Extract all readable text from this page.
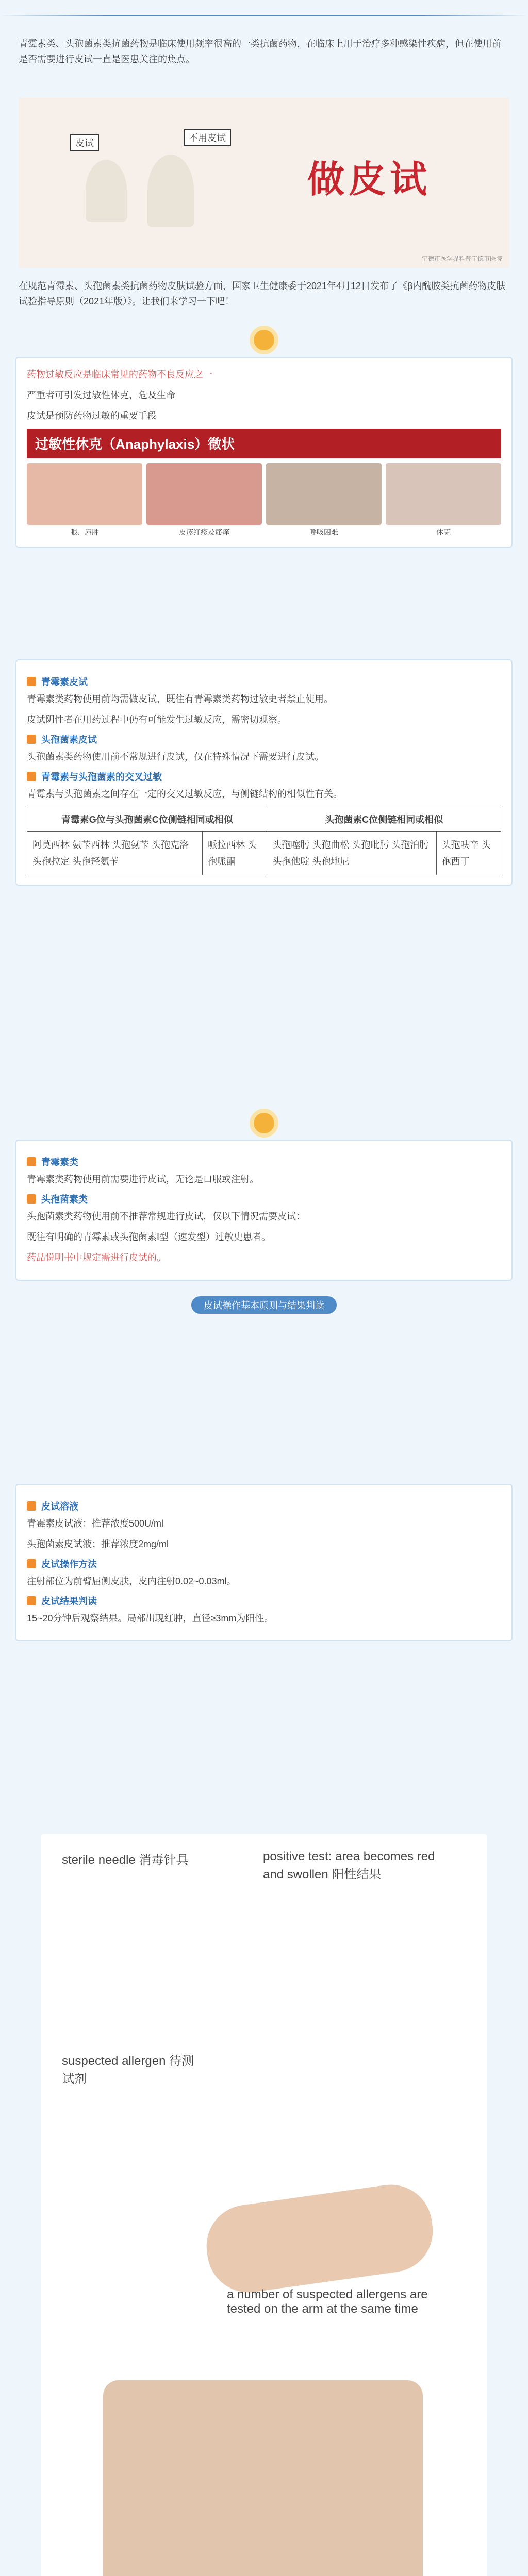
青霉素类、头孢菌素类抗菌药物是临床使用频率很高的一类抗菌药物，在临床上用于治疗多种感染性疾病，但在使用前是否需要进行皮试一直是医患关注的焦点。

做皮试
皮试	不用皮试
宁德市医学界科普宁德市医院

在规范青霉素、头孢菌素类抗菌药物皮肤试验方面，国家卫生健康委于2021年4月12日发布了《β内酰胺类抗菌药物皮肤试验指导原则（2021年版）》。让我们来学习一下吧！

药物过敏反应是临床常见的药物不良反应之一

严重者可引发过敏性休克，危及生命

皮试是预防药物过敏的重要手段

过敏性休克（Anaphylaxis）徵状
眼、唇肿	皮疹红疹及瘙痒	呼吸困难	休克
青霉素皮试

青霉素类药物使用前均需做皮试，既往有青霉素类药物过敏史者禁止使用。

皮试阴性者在用药过程中仍有可能发生过敏反应，需密切观察。

头孢菌素皮试

头孢菌素类药物使用前不常规进行皮试，仅在特殊情况下需要进行皮试。

青霉素与头孢菌素的交叉过敏

青霉素与头孢菌素之间存在一定的交叉过敏反应，与侧链结构的相似性有关。

青霉素G位与头孢菌素C位侧链相同或相似		头孢菌素C位侧链相同或相似	
阿莫西林 氨苄西林 头孢氨苄 头孢克洛 头孢拉定 头孢羟氨苄	哌拉西林 头孢哌酮	头孢噻肟 头孢曲松 头孢吡肟 头孢泊肟 头孢他啶 头孢地尼	头孢呋辛 头孢西丁
青霉素类

青霉素类药物使用前需要进行皮试，无论是口服或注射。

头孢菌素类

头孢菌素类药物使用前不推荐常规进行皮试，仅以下情况需要皮试：

既往有明确的青霉素或头孢菌素I型（速发型）过敏史患者。

药品说明书中规定需进行皮试的。

皮试操作基本原则与结果判读
皮试溶液

青霉素皮试液：推荐浓度500U/ml

头孢菌素皮试液：推荐浓度2mg/ml

皮试操作方法

注射部位为前臂屈侧皮肤，皮内注射0.02~0.03ml。

皮试结果判读

15~20分钟后观察结果。局部出现红肿，直径≥3mm为阳性。

sterile needle 消毒针具	positive test: area becomes red and swollen 阳性结果
suspected allergen 待测试剂
a number of suspected allergens are tested on the arm at the same time
